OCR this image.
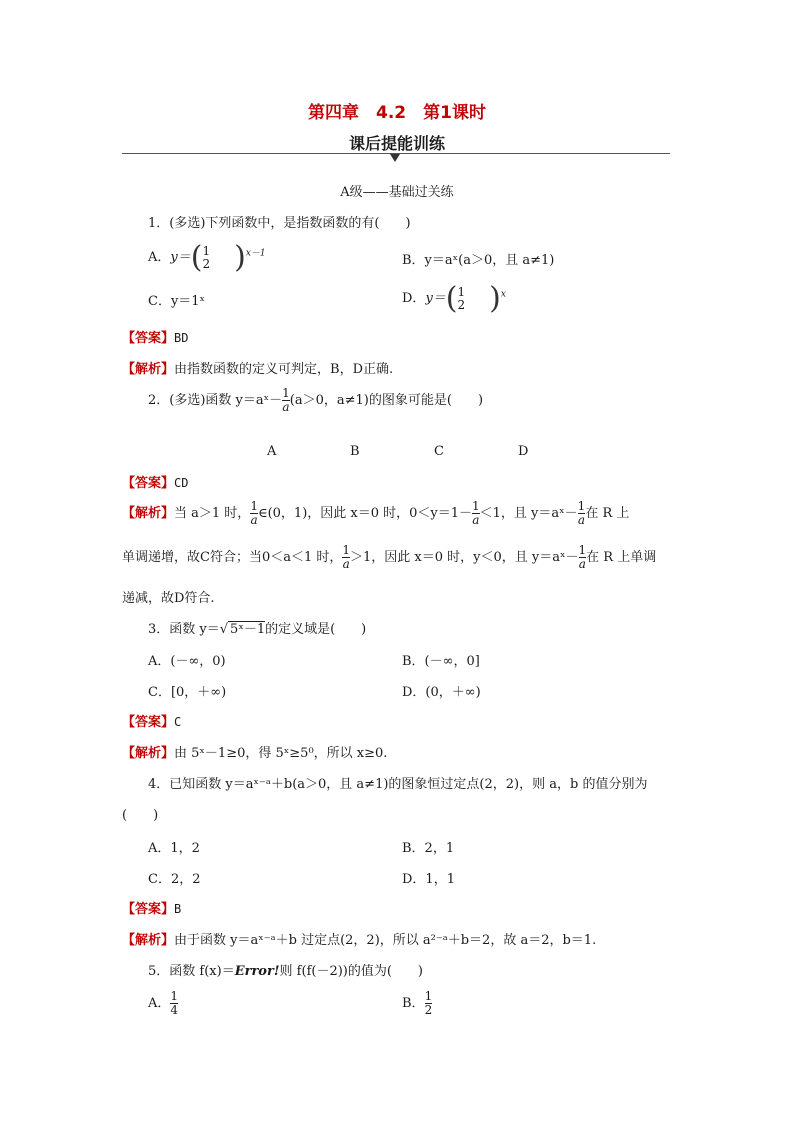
第四章　4.2　第1课时
课后提能训练
A级——基础过关练
1．(多选)下列函数中，是指数函数的有(　　)
A．y＝( 1
2 )$^{x-1}$	B．y＝aˣ(a＞0，且 a≠1)
C．y＝1ˣ	D．y＝( 1
2 )$^x$
【答案】BD
【解析】由指数函数的定义可判定，B，D正确.
2．(多选)函数 y＝aˣ－ $\frac{1}{a} (a>0$，a≠1)的图象可能是(　　)
A	B	C	D
【答案】CD
【解析】当 a＞1 时， $\frac{1}{a}$ ∈(0，1)，因此 x＝0 时，$0<y=1- \frac{1}{a} <1$，且 y＝aˣ－ $\frac{1}{a}$ 在 R 上
单调递增，故C符合；当0＜a＜1 时， $\frac{1}{a} >1$，因此 x＝0 时，y＜0，且 y＝aˣ－ $\frac{1}{a}$ 在 R 上单调
递减，故D符合.
3．函数 y＝√ 5ˣ－1的定义域是(　　)
A．(－∞，0)	B．(－∞，0]
C．[0，＋∞)	D．(0，＋∞)
【答案】C
【解析】由 5ˣ－1≥0，得 5ˣ≥5⁰，所以 x≥0.
4．已知函数 y＝aˣ⁻ᵃ＋b(a＞0，且 a≠1)的图象恒过定点(2，2)，则 a，b 的值分别为
(　　)
A．1，2	B．2，1
C．2，2	D．1，1
【答案】B
【解析】由于函数 y＝aˣ⁻ᵃ＋b 过定点(2，2)，所以 a²⁻ᵃ＋b＝2，故 a＝2，b＝1.
5．函数 f(x)＝Error!则 f(f(－2))的值为(　　)
A． $\frac{1}{4}$	B． $\frac{1}{2}$
